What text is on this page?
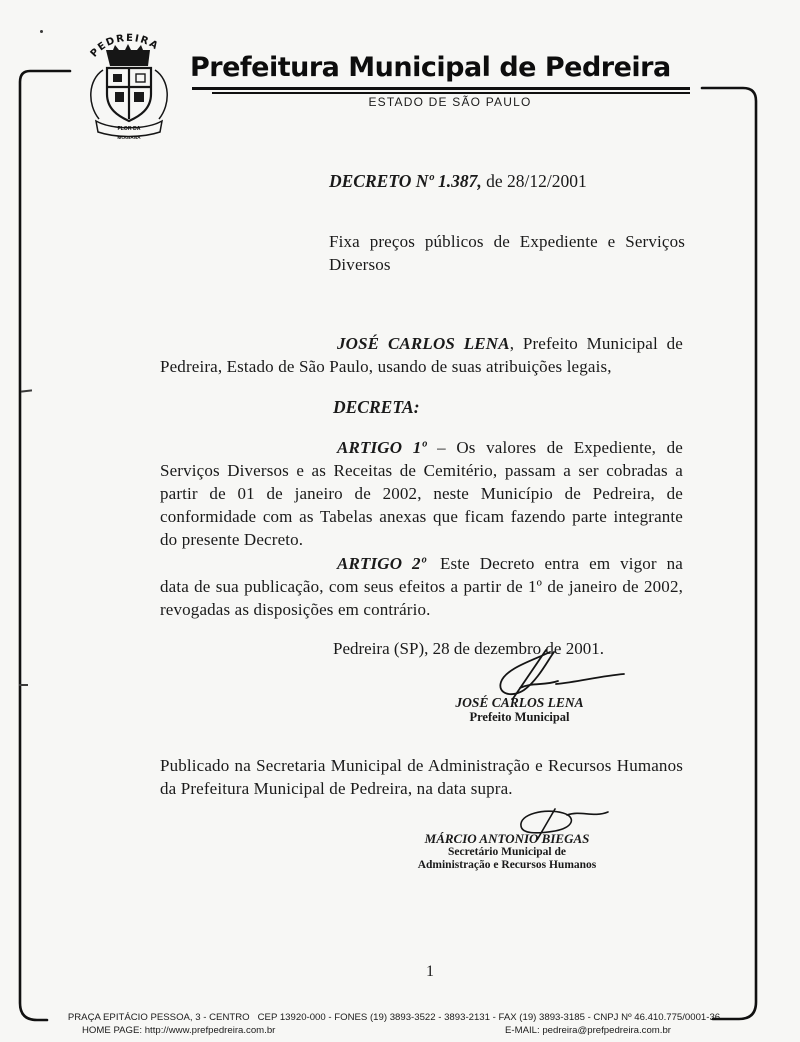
PEDREIRA
FLOR DA
MOGIANA
Prefeitura Municipal de Pedreira
ESTADO DE SÃO PAULO

DECRETO Nº 1.387, de 28/12/2001

Fixa preços públicos de Expediente e Serviços Diversos

JOSÉ CARLOS LENA, Prefeito Municipal de Pedreira, Estado de São Paulo, usando de suas atribuições legais,

DECRETA:

ARTIGO 1º – Os valores de Expediente, de Serviços Diversos e as Receitas de Cemitério, passam a ser cobradas a partir de 01 de janeiro de 2002, neste Município de Pedreira, de conformidade com as Tabelas anexas que ficam fazendo parte integrante do presente Decreto.

ARTIGO 2º Este Decreto entra em vigor na data de sua publicação, com seus efeitos a partir de 1º de janeiro de 2002, revogadas as disposições em contrário.

Pedreira (SP), 28 de dezembro de 2001.

JOSÉ CARLOS LENA
Prefeito Municipal

Publicado na Secretaria Municipal de Administração e Recursos Humanos da Prefeitura Municipal de Pedreira, na data supra.

MÁRCIO ANTONIO BIEGAS
Secretário Municipal de
Administração e Recursos Humanos
1
PRAÇA EPITÁCIO PESSOA, 3 - CENTRO   CEP 13920-000 - FONES (19) 3893-3522 - 3893-2131 - FAX (19) 3893-3185 - CNPJ Nº 46.410.775/0001-36
HOME PAGE: http://www.prefpedreira.com.br	E-MAIL: pedreira@prefpedreira.com.br
